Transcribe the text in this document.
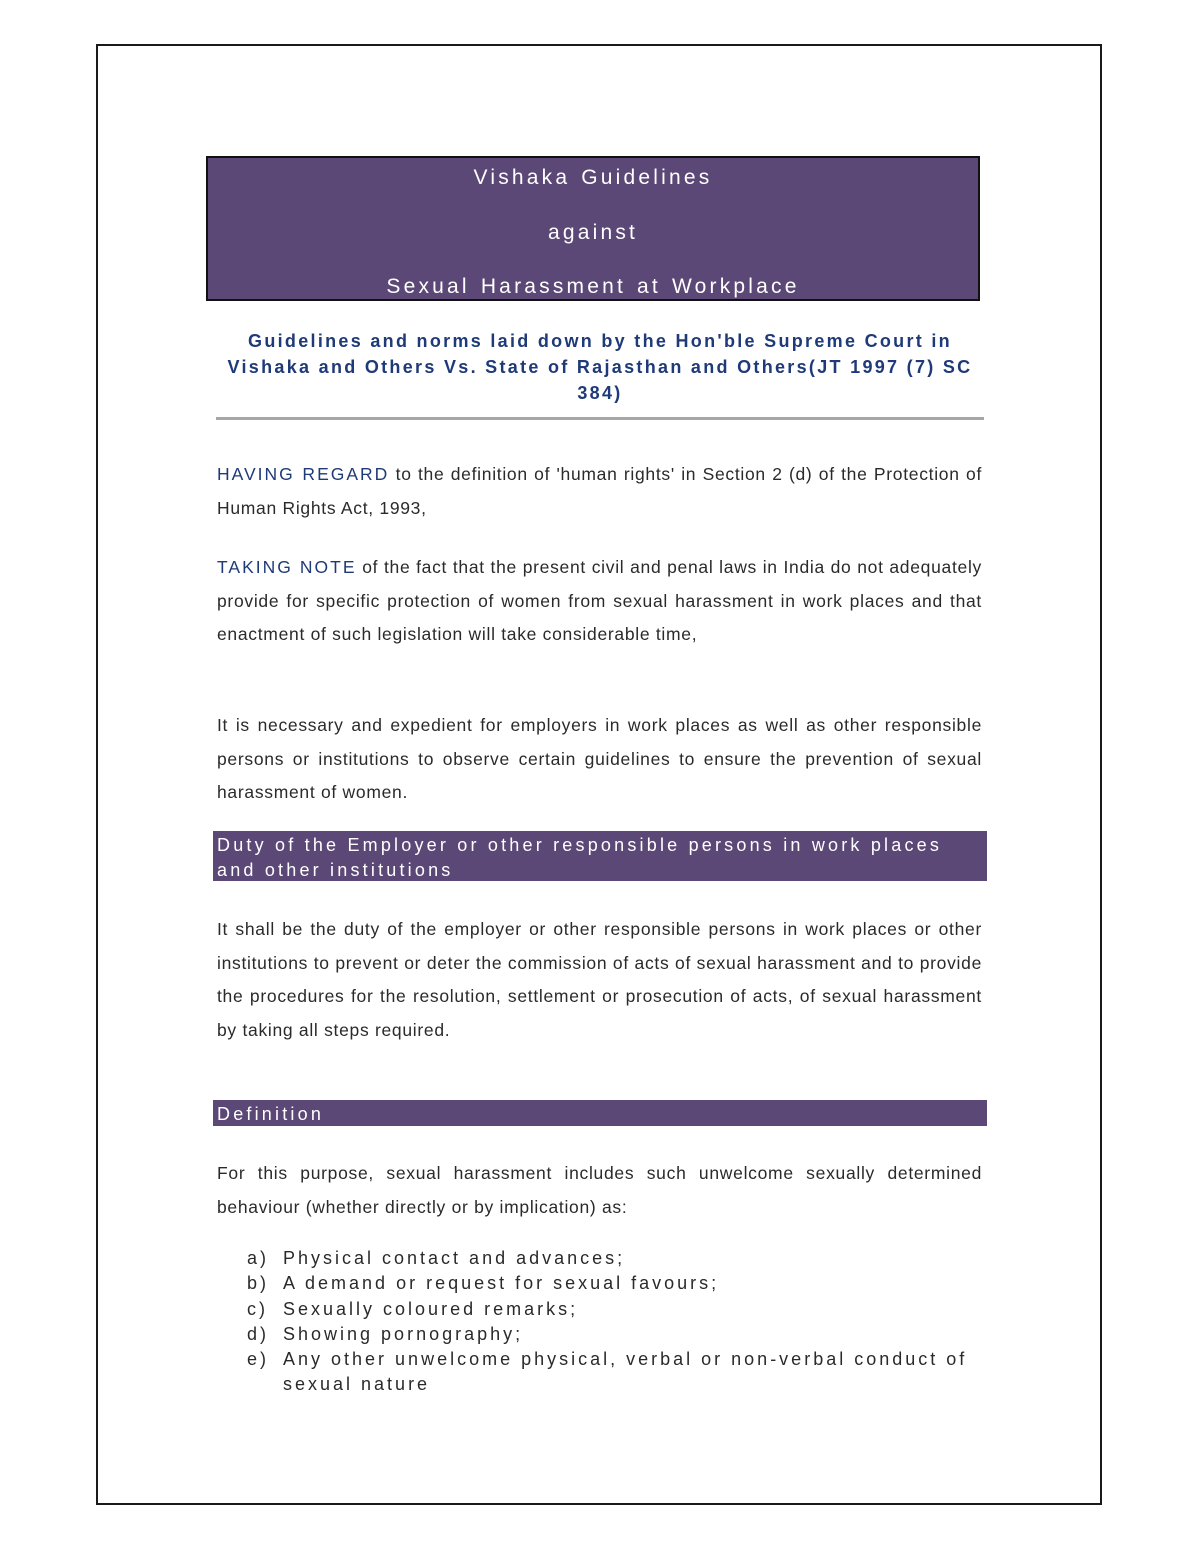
Vishaka Guidelines
against
Sexual Harassment at Workplace
Guidelines and norms laid down by the Hon'ble Supreme Court in Vishaka and Others Vs. State of Rajasthan and Others(JT 1997 (7) SC 384)
HAVING REGARD to the definition of 'human rights' in Section 2 (d) of the Protection of Human Rights Act, 1993,
TAKING NOTE of the fact that the present civil and penal laws in India do not adequately provide for specific protection of women from sexual harassment in work places and that enactment of such legislation will take considerable time,
It is necessary and expedient for employers in work places as well as other responsible persons or institutions to observe certain guidelines to ensure the prevention of sexual harassment of women.
Duty of the Employer or other responsible persons in work places and other institutions
It shall be the duty of the employer or other responsible persons in work places or other institutions to prevent or deter the commission of acts of sexual harassment and to provide the procedures for the resolution, settlement or prosecution of acts, of sexual harassment by taking all steps required.
Definition
For this purpose, sexual harassment includes such unwelcome sexually determined behaviour (whether directly or by implication) as:
a) Physical contact and advances;
b) A demand or request for sexual favours;
c) Sexually coloured remarks;
d) Showing pornography;
e) Any other unwelcome physical, verbal or non-verbal conduct of sexual nature
